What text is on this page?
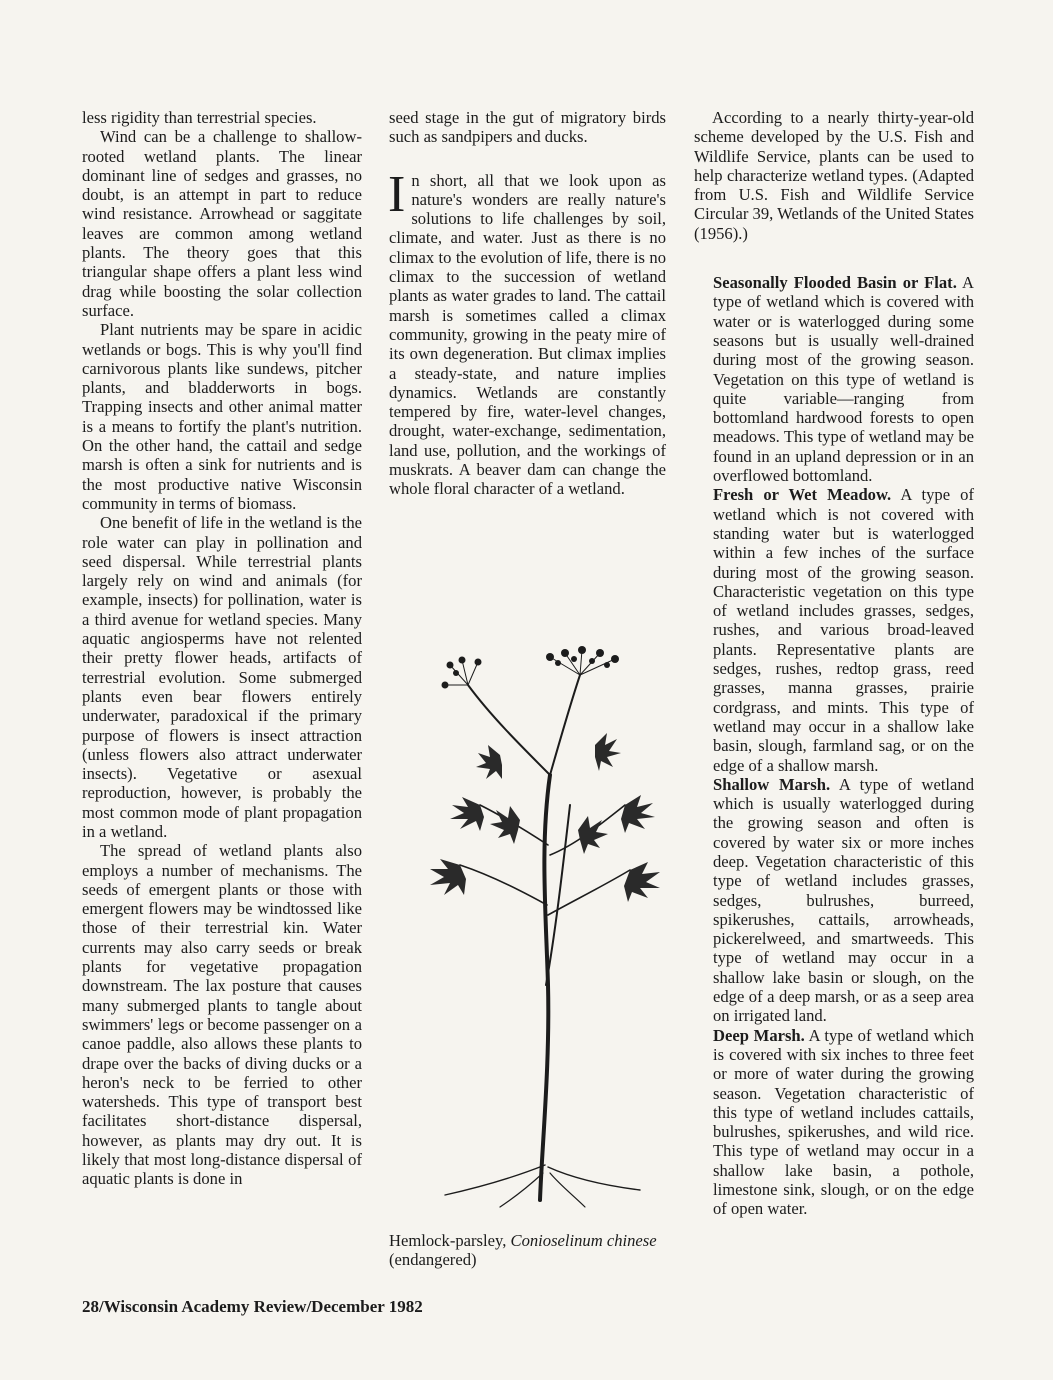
less rigidity than terrestrial species.

Wind can be a challenge to shallow-rooted wetland plants. The linear dominant line of sedges and grasses, no doubt, is an attempt in part to reduce wind resistance. Arrowhead or saggitate leaves are common among wetland plants. The theory goes that this triangular shape offers a plant less wind drag while boosting the solar collection surface.

Plant nutrients may be spare in acidic wetlands or bogs. This is why you'll find carnivorous plants like sundews, pitcher plants, and bladderworts in bogs. Trapping insects and other animal matter is a means to fortify the plant's nutrition. On the other hand, the cattail and sedge marsh is often a sink for nutrients and is the most productive native Wisconsin community in terms of biomass.

One benefit of life in the wetland is the role water can play in pollination and seed dispersal. While terrestrial plants largely rely on wind and animals (for example, insects) for pollination, water is a third avenue for wetland species. Many aquatic angiosperms have not relented their pretty flower heads, artifacts of terrestrial evolution. Some submerged plants even bear flowers entirely underwater, paradoxical if the primary purpose of flowers is insect attraction (unless flowers also attract underwater insects). Vegetative or asexual reproduction, however, is probably the most common mode of plant propagation in a wetland.

The spread of wetland plants also employs a number of mechanisms. The seeds of emergent plants or those with emergent flowers may be windtossed like those of their terrestrial kin. Water currents may also carry seeds or break plants for vegetative propagation downstream. The lax posture that causes many submerged plants to tangle about swimmers' legs or become passenger on a canoe paddle, also allows these plants to drape over the backs of diving ducks or a heron's neck to be ferried to other watersheds. This type of transport best facilitates short-distance dispersal, however, as plants may dry out. It is likely that most long-distance dispersal of aquatic plants is done in

seed stage in the gut of migratory birds such as sandpipers and ducks.

In short, all that we look upon as nature's wonders are really nature's solutions to life challenges by soil, climate, and water. Just as there is no climax to the evolution of life, there is no climax to the succession of wetland plants as water grades to land. The cattail marsh is sometimes called a climax community, growing in the peaty mire of its own degeneration. But climax implies a steady-state, and nature implies dynamics. Wetlands are constantly tempered by fire, water-level changes, drought, water-exchange, sedimentation, land use, pollution, and the workings of muskrats. A beaver dam can change the whole floral character of a wetland.

Hemlock-parsley, Conioselinum chinese (endangered)

According to a nearly thirty-year-old scheme developed by the U.S. Fish and Wildlife Service, plants can be used to help characterize wetland types. (Adapted from U.S. Fish and Wildlife Service Circular 39, Wetlands of the United States (1956).)

Seasonally Flooded Basin or Flat. A type of wetland which is covered with water or is waterlogged during some seasons but is usually well-drained during most of the growing season. Vegetation on this type of wetland is quite variable—ranging from bottomland hardwood forests to open meadows. This type of wetland may be found in an upland depression or in an overflowed bottomland.

Fresh or Wet Meadow. A type of wetland which is not covered with standing water but is waterlogged within a few inches of the surface during most of the growing season. Characteristic vegetation on this type of wetland includes grasses, sedges, rushes, and various broad-leaved plants. Representative plants are sedges, rushes, redtop grass, reed grasses, manna grasses, prairie cordgrass, and mints. This type of wetland may occur in a shallow lake basin, slough, farmland sag, or on the edge of a shallow marsh.

Shallow Marsh. A type of wetland which is usually waterlogged during the growing season and often is covered by water six or more inches deep. Vegetation characteristic of this type of wetland includes grasses, sedges, bulrushes, burreed, spikerushes, cattails, arrowheads, pickerelweed, and smartweeds. This type of wetland may occur in a shallow lake basin or slough, on the edge of a deep marsh, or as a seep area on irrigated land.

Deep Marsh. A type of wetland which is covered with six inches to three feet or more of water during the growing season. Vegetation characteristic of this type of wetland includes cattails, bulrushes, spikerushes, and wild rice. This type of wetland may occur in a shallow lake basin, a pothole, limestone sink, slough, or on the edge of open water.

28/Wisconsin Academy Review/December 1982
